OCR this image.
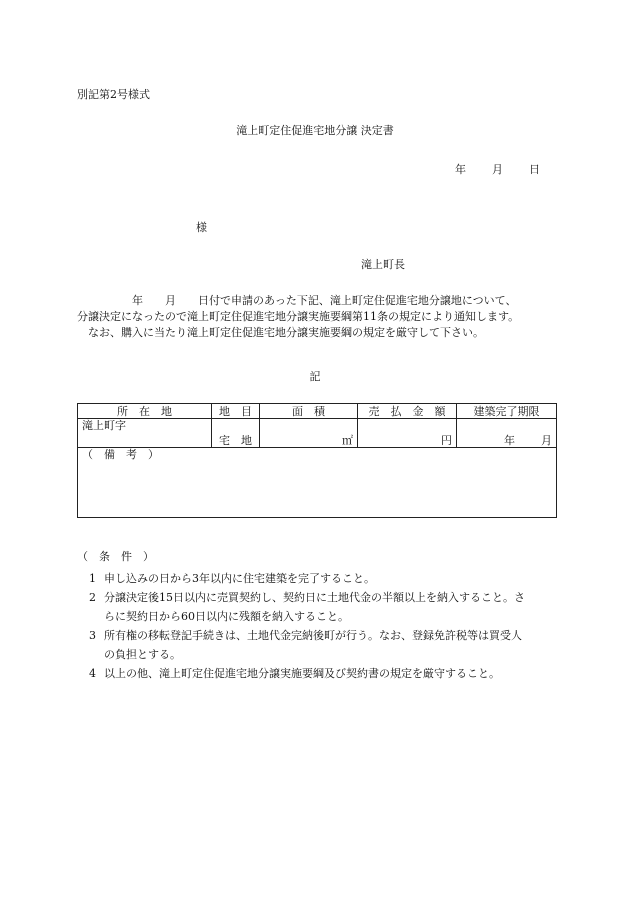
別記第2号様式
滝上町定住促進宅地分譲 決定書
年 月 日
様
滝上町長
　　　　　年　　月　　日付で申請のあった下記、滝上町定住促進宅地分譲地について、
分譲決定になったので滝上町定住促進宅地分譲実施要綱第11条の規定により通知します。
　なお、購入に当たり滝上町定住促進宅地分譲実施要綱の規定を厳守して下さい。
記
所　在　地	地　目	面　積	売　払　金　額	建築完了期限
滝上町字				
	宅　地	㎡	円	年 月
（　備　考　）				
（　条　件　）
1 申し込みの日から3年以内に住宅建築を完了すること。
2 分譲決定後15日以内に売買契約し、契約日に土地代金の半額以上を納入すること。さ
らに契約日から60日以内に残額を納入すること。
3 所有権の移転登記手続きは、土地代金完納後町が行う。なお、登録免許税等は買受人
の負担とする。
4 以上の他、滝上町定住促進宅地分譲実施要綱及び契約書の規定を厳守すること。
